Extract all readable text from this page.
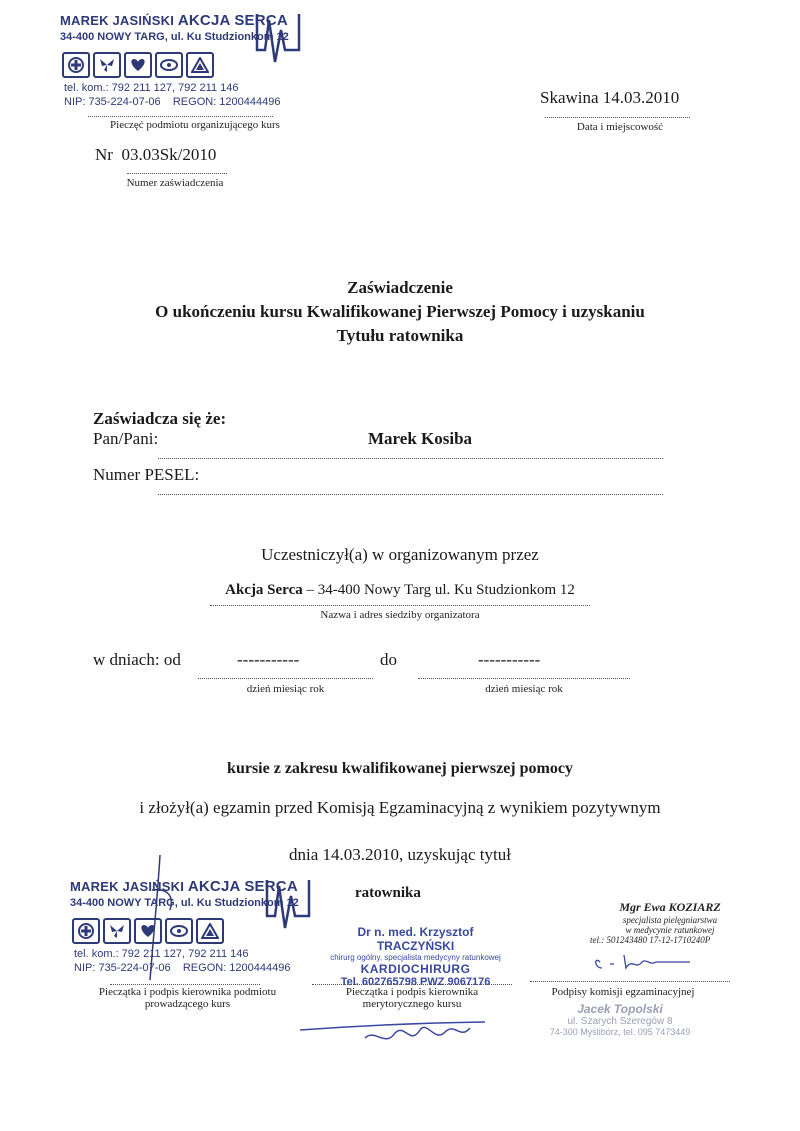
MAREK JASIŃSKI AKCJA SERCA
34-400 NOWY TARG, ul. Ku Studzionkom 12
tel. kom.: 792 211 127, 792 211 146
NIP: 735-224-07-06 REGON: 1200444496
Pieczęć podmiotu organizującego kurs
Skawina 14.03.2010
Data i miejscowość
Nr 03.03Sk/2010
Numer zaświadczenia
Zaświadczenie
O ukończeniu kursu Kwalifikowanej Pierwszej Pomocy i uzyskaniu
Tytułu ratownika
Zaświadcza się że:
Pan/Pani:	Marek Kosiba
Numer PESEL:
Uczestniczył(a) w organizowanym przez
Akcja Serca – 34-400 Nowy Targ ul. Ku Studzionkom 12
Nazwa i adres siedziby organizatora
w dniach: od	-----------	do	-----------
dzień miesiąc rok	dzień miesiąc rok
kursie z zakresu kwalifikowanej pierwszej pomocy
i złożył(a) egzamin przed Komisją Egzaminacyjną z wynikiem pozytywnym
dnia 14.03.2010, uzyskując tytuł
ratownika
MAREK JASIŃSKI AKCJA SERCA
34-400 NOWY TARG, ul. Ku Studzionkom 12
tel. kom.: 792 211 127, 792 211 146
NIP: 735-224-07-06 REGON: 1200444496
Pieczątka i podpis kierownika podmiotu prowadzącego kurs
Dr n. med. Krzysztof TRACZYŃSKI
chirurg ogólny, specjalista medycyny ratunkowej
KARDIOCHIRURG
Tel. 602765798 PWZ 9067176
Pieczątka i podpis kierownika merytorycznego kursu
Mgr Ewa KOZIARZ
specjalista pielęgniarstwa
w medycynie ratunkowej
tel.: 501243480 17-12-1710240P
Podpisy komisji egzaminacyjnej
Jacek Topolski
ul. Szarych Szeregów 8
74-300 Myślibórz, tel. 095 7473449
